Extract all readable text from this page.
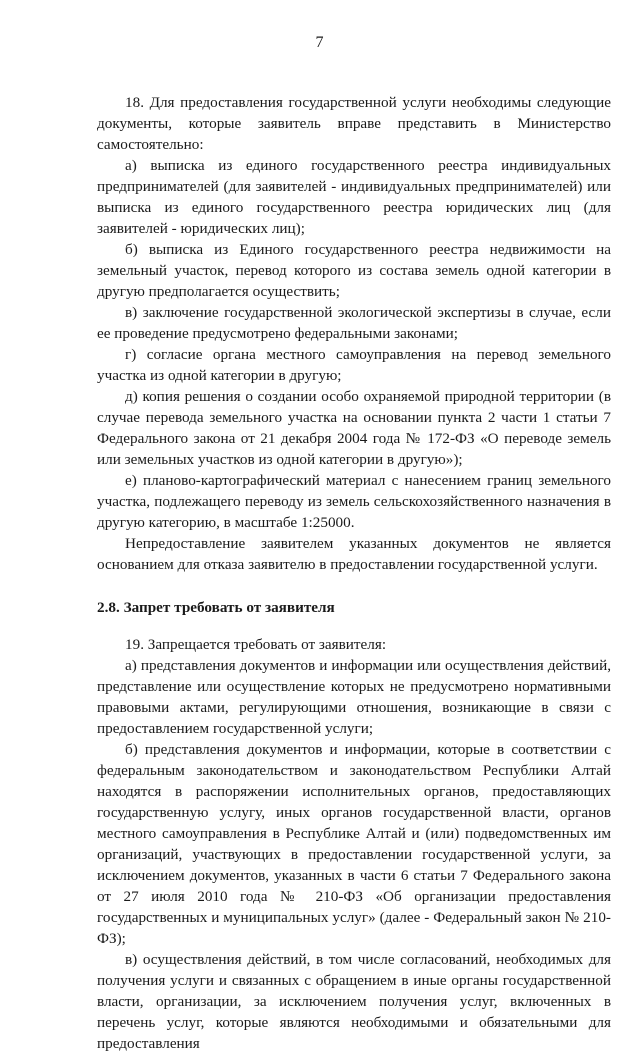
7

18. Для предоставления государственной услуги необходимы следующие документы, которые заявитель вправе представить в Министерство самостоятельно:

а) выписка из единого государственного реестра индивидуальных предпринимателей (для заявителей - индивидуальных предпринимателей) или выписка из единого государственного реестра юридических лиц (для заявителей - юридических лиц);

б) выписка из Единого государственного реестра недвижимости на земельный участок, перевод которого из состава земель одной категории в другую предполагается осуществить;

в) заключение государственной экологической экспертизы в случае, если ее проведение предусмотрено федеральными законами;

г) согласие органа местного самоуправления на перевод земельного участка из одной категории в другую;

д) копия решения о создании особо охраняемой природной территории (в случае перевода земельного участка на основании пункта 2 части 1 статьи 7 Федерального закона от 21 декабря 2004 года № 172-ФЗ «О переводе земель или земельных участков из одной категории в другую»);

е) планово-картографический материал с нанесением границ земельного участка, подлежащего переводу из земель сельскохозяйственного назначения в другую категорию, в масштабе 1:25000.

Непредоставление заявителем указанных документов не является основанием для отказа заявителю в предоставлении государственной услуги.

2.8. Запрет требовать от заявителя

19. Запрещается требовать от заявителя:

а) представления документов и информации или осуществления действий, представление или осуществление которых не предусмотрено нормативными правовыми актами, регулирующими отношения, возникающие в связи с предоставлением государственной услуги;

б) представления документов и информации, которые в соответствии с федеральным законодательством и законодательством Республики Алтай находятся в распоряжении исполнительных органов, предоставляющих государственную услугу, иных органов государственной власти, органов местного самоуправления в Республике Алтай и (или) подведомственных им организаций, участвующих в предоставлении государственной услуги, за исключением документов, указанных в части 6 статьи 7 Федерального закона от 27 июля 2010 года № 210-ФЗ «Об организации предоставления государственных и муниципальных услуг» (далее - Федеральный закон № 210-ФЗ);

в) осуществления действий, в том числе согласований, необходимых для получения услуги и связанных с обращением в иные органы государственной власти, организации, за исключением получения услуг, включенных в перечень услуг, которые являются необходимыми и обязательными для предоставления
